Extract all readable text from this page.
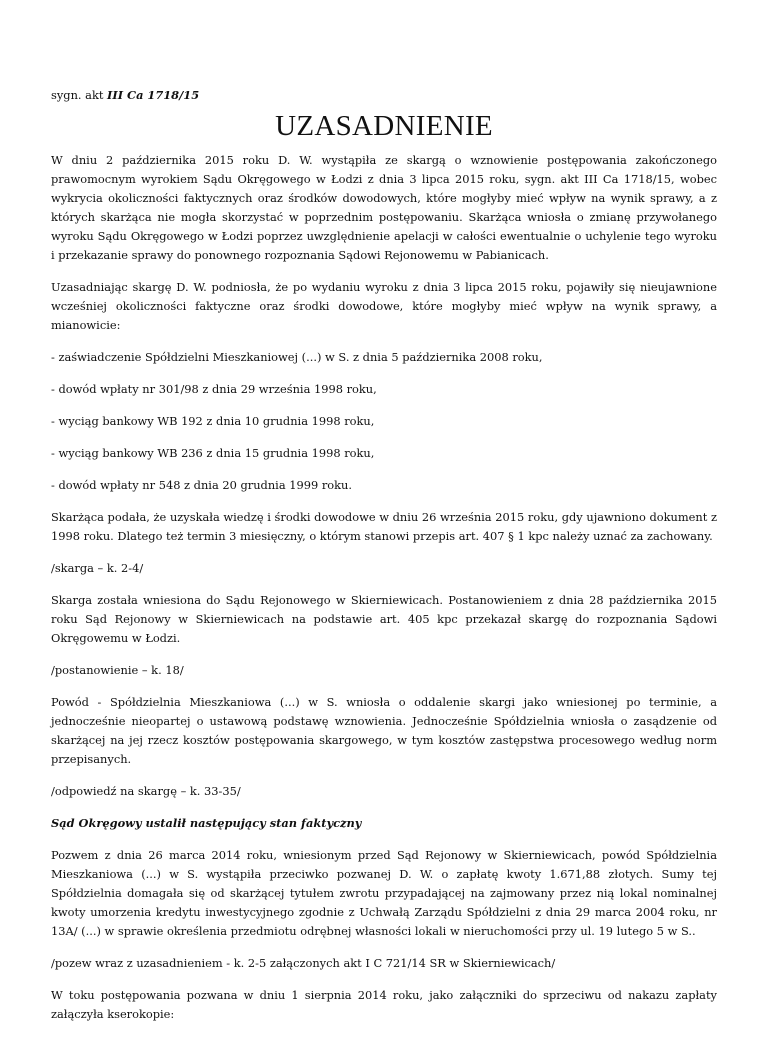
sygn. akt III Ca 1718/15
UZASADNIENIE

W dniu 2 października 2015 roku D. W. wystąpiła ze skargą o wznowienie postępowania zakończonego prawomocnym wyrokiem Sądu Okręgowego w Łodzi z dnia 3 lipca 2015 roku, sygn. akt III Ca 1718/15, wobec wykrycia okoliczności faktycznych oraz środków dowodowych, które mogłyby mieć wpływ na wynik sprawy, a z których skarżąca nie mogła skorzystać w poprzednim postępowaniu. Skarżąca wniosła o zmianę przywołanego wyroku Sądu Okręgowego w Łodzi poprzez uwzględnienie apelacji w całości ewentualnie o uchylenie tego wyroku i przekazanie sprawy do ponownego rozpoznania Sądowi Rejonowemu w Pabianicach.

Uzasadniając skargę D. W. podniosła, że po wydaniu wyroku z dnia 3 lipca 2015 roku, pojawiły się nieujawnione wcześniej okoliczności faktyczne oraz środki dowodowe, które mogłyby mieć wpływ na wynik sprawy, a mianowicie:

- zaświadczenie Spółdzielni Mieszkaniowej (...) w S. z dnia 5 października 2008 roku,

- dowód wpłaty nr 301/98 z dnia 29 września 1998 roku,

- wyciąg bankowy WB 192 z dnia 10 grudnia 1998 roku,

- wyciąg bankowy WB 236 z dnia 15 grudnia 1998 roku,

- dowód wpłaty nr 548 z dnia 20 grudnia 1999 roku.

Skarżąca podała, że uzyskała wiedzę i środki dowodowe w dniu 26 września 2015 roku, gdy ujawniono dokument z 1998 roku. Dlatego też termin 3 miesięczny, o którym stanowi przepis art. 407 § 1 kpc należy uznać za zachowany.

/skarga – k. 2-4/

Skarga została wniesiona do Sądu Rejonowego w Skierniewicach. Postanowieniem z dnia 28 października 2015 roku Sąd Rejonowy w Skierniewicach na podstawie art. 405 kpc przekazał skargę do rozpoznania Sądowi Okręgowemu w Łodzi.

/postanowienie – k. 18/

Powód - Spółdzielnia Mieszkaniowa (...) w S. wniosła o oddalenie skargi jako wniesionej po terminie, a jednocześnie nieopartej o ustawową podstawę wznowienia. Jednocześnie Spółdzielnia wniosła o zasądzenie od skarżącej na jej rzecz kosztów postępowania skargowego, w tym kosztów zastępstwa procesowego według norm przepisanych.

/odpowiedź na skargę – k. 33-35/

Sąd Okręgowy ustalił następujący stan faktyczny

Pozwem z dnia 26 marca 2014 roku, wniesionym przed Sąd Rejonowy w Skierniewicach, powód Spółdzielnia Mieszkaniowa (...) w S. wystąpiła przeciwko pozwanej D. W. o zapłatę kwoty 1.671,88 złotych. Sumy tej Spółdzielnia domagała się od skarżącej tytułem zwrotu przypadającej na zajmowany przez nią lokal nominalnej kwoty umorzenia kredytu inwestycyjnego zgodnie z Uchwałą Zarządu Spółdzielni z dnia 29 marca 2004 roku, nr 13A/ (...) w sprawie określenia przedmiotu odrębnej własności lokali w nieruchomości przy ul. 19 lutego 5 w S..

/pozew wraz z uzasadnieniem - k. 2-5 załączonych akt I C 721/14 SR w Skierniewicach/

W toku postępowania pozwana w dniu 1 sierpnia 2014 roku, jako załączniki do sprzeciwu od nakazu zapłaty załączyła kserokopie:
